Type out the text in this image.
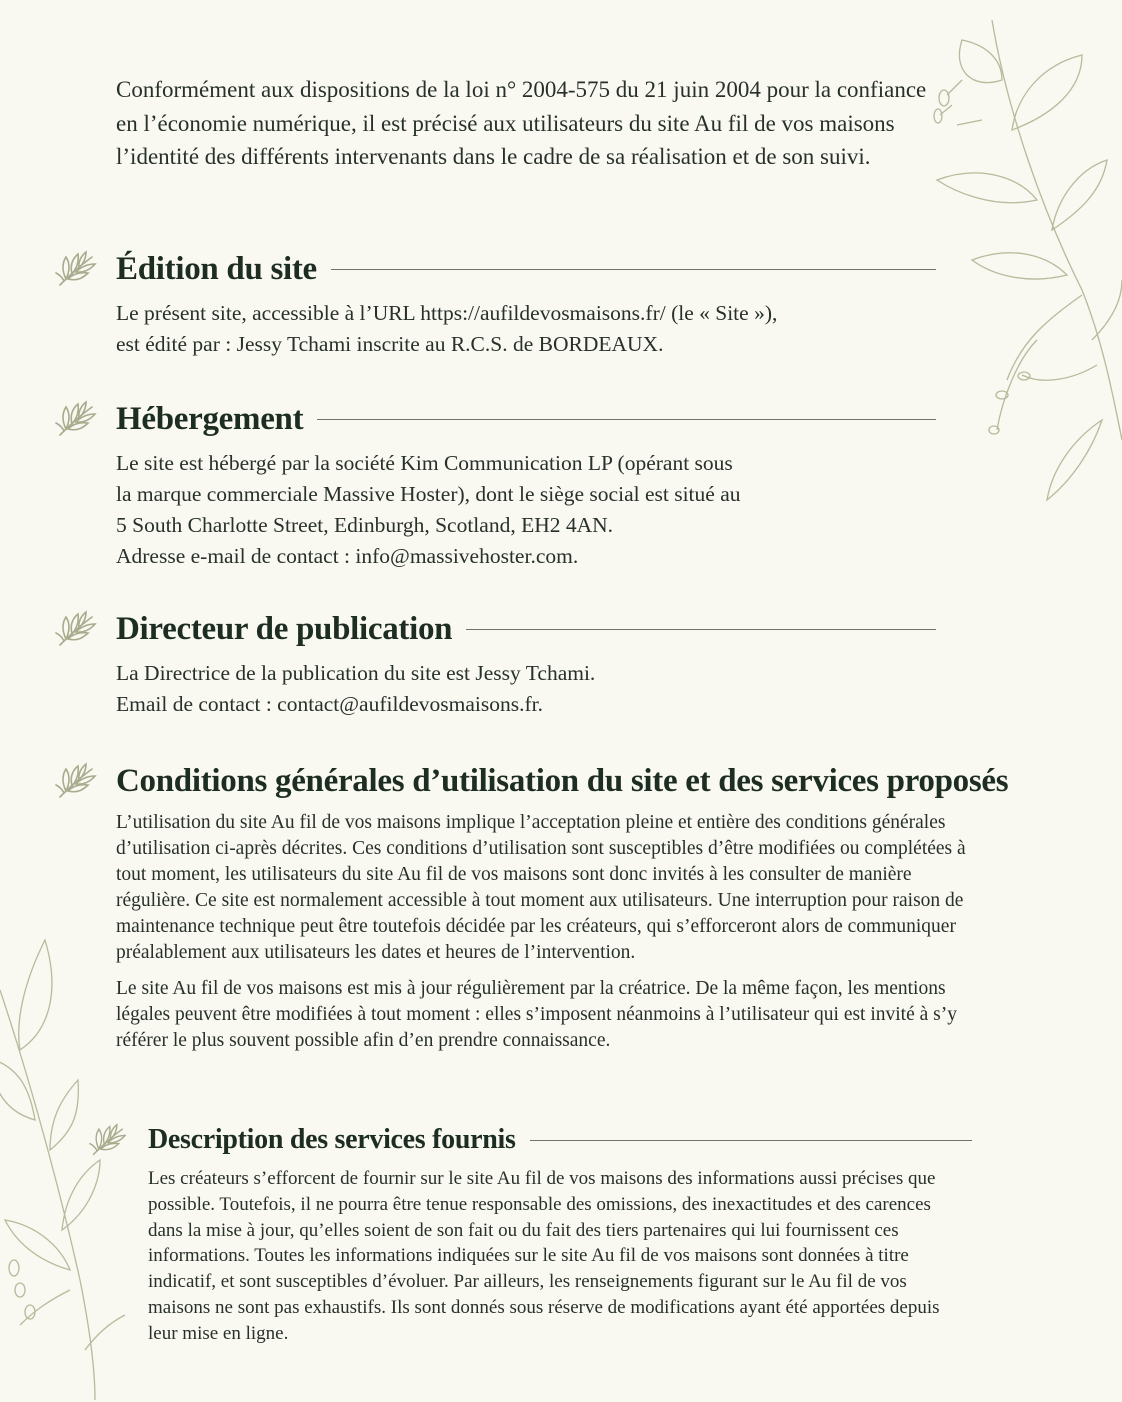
Conformément aux dispositions de la loi n° 2004-575 du 21 juin 2004 pour la confiance en l’économie numérique, il est précisé aux utilisateurs du site Au fil de vos maisons l’identité des différents intervenants dans le cadre de sa réalisation et de son suivi.

Édition du site

Le présent site, accessible à l’URL https://aufildevosmaisons.fr/ (le « Site »),

est édité par : Jessy Tchami inscrite au R.C.S. de BORDEAUX.

Hébergement

Le site est hébergé par la société Kim Communication LP (opérant sous

la marque commerciale Massive Hoster), dont le siège social est situé au

5 South Charlotte Street, Edinburgh, Scotland, EH2 4AN.

Adresse e-mail de contact : info@massivehoster.com.

Directeur de publication

La Directrice de la publication du site est Jessy Tchami.

Email de contact : contact@aufildevosmaisons.fr.

Conditions générales d’utilisation du site et des services proposés

L’utilisation du site Au fil de vos maisons implique l’acceptation pleine et entière des conditions générales d’utilisation ci-après décrites. Ces conditions d’utilisation sont susceptibles d’être modifiées ou complétées à tout moment, les utilisateurs du site Au fil de vos maisons sont donc invités à les consulter de manière régulière. Ce site est normalement accessible à tout moment aux utilisateurs. Une interruption pour raison de maintenance technique peut être toutefois décidée par les créateurs, qui s’efforceront alors de communiquer préalablement aux utilisateurs les dates et heures de l’intervention.

Le site Au fil de vos maisons est mis à jour régulièrement par la créatrice. De la même façon, les mentions légales peuvent être modifiées à tout moment : elles s’imposent néanmoins à l’utilisateur qui est invité à s’y référer le plus souvent possible afin d’en prendre connaissance.

Description des services fournis

Les créateurs s’efforcent de fournir sur le site Au fil de vos maisons des informations aussi précises que possible. Toutefois, il ne pourra être tenue responsable des omissions, des inexactitudes et des carences dans la mise à jour, qu’elles soient de son fait ou du fait des tiers partenaires qui lui fournissent ces informations. Toutes les informations indiquées sur le site Au fil de vos maisons sont données à titre indicatif, et sont susceptibles d’évoluer. Par ailleurs, les renseignements figurant sur le Au fil de vos maisons ne sont pas exhaustifs. Ils sont donnés sous réserve de modifications ayant été apportées depuis leur mise en ligne.
